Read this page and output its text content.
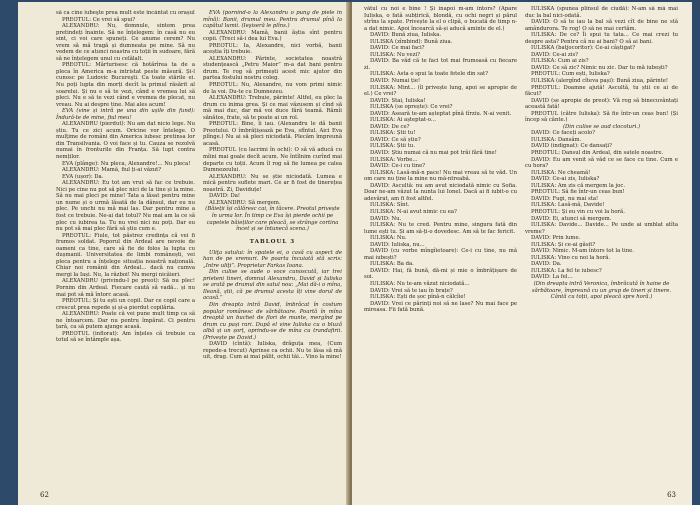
să ca cine iubeşte prea mult este încântat cu orașul

PREOTUL: Ce vrei să spui?

ALEXANDRU: Nu, domnule, sintem prea pretindeți înainte. Să ne înțelegem: în casă nu eu sint, ci voi care spuneți. Ce anume cerem? Nu vrem să mă tragă și dumneata pe mine. Să nu vedem de ce atunci noastra cu toții în sudoare, fără să ne înțelegem unul cu celălalt.

PREOTUL: Mărturisesc că hotărîrea ta de a pleca în America m-a intristat peste măsură. Și-l cunosc pe Ludovic Bucureşti. Ca toate stările ei. Nu poți lupta din morți decît la primul răsărit al soarelui. Și nu e să te vezi, când e vremea lui să pleci. Nu e să te vezi când e vremea de plecat, nu vreau. Nu ai despre tine. Mai ales acum!

EVA (vine și intră pe una din ușile din fund): Îndură-te de mine, fiul meu!

ALEXANDRU (pierdut): Nu am dat nicio lege. Nu știu. Tu ce zici acum. Oricine vor întelege. O mulțime de români din America iubesc pretinsa lor din Transilvania. O voi face și tu. Cauza se rezolvă numai în fronturile din Franța. Să lupt contra nemților.

EVA (plânge): Nu pleca, Alexandre!... Nu pleca!

ALEXANDRU: Mamă, fiul ți-ai văzut?

EVA (ușor): Da.

ALEXANDRU: Eu tot am vrut să fac ce trebuie. Nici pe cine nu pot să plec nici de la tine și la mine. Să nu mai pleci pe mine! Tata a lăsat pentru mine un nume și o urmă lăsată de la dânsul, dar eu nu plec. Pe unchi nu mă mai las. Dar pentru mine a fost ce trebuie. Ne-ai dat totul? Nu mai am la ce să plec cu iubirea ta. Tu nu vrei nici nu poți. Dar eu nu pot să mai plec fără să știu cum e.

PREOTUL: Fiule, tot păstrez credința că vei fi frumos soldat. Poporul din Ardeal are nevoie de oameni ca tine, care să fie de folos la lupta cu dușmanii. Universitatea de limbi românești, vei pleca pentru a înțelege situația noastră națională. Chiar noi românii din Ardeal... dacă nu cumva mergi la Iași. Nu, la război! Nu mergi nicăieri.

ALEXANDRU (privindu-l pe preot): Să nu plec! Pornim din Ardeal. Fiecare caută să vadă... și nu mai pot să mă întorc acasă.

PREOTUL: Și tu ești un copil. Dar ce copil care a crescut prea repede și și-a pierdut copilăria.

ALEXANDRU: Poate că vei pune mult timp ca să ne întoarcem. Dar nu pentru împărat. Ci pentru țară, ca să putem ajunge acasă.

PREOTUL (inflorat): Am înțeles că trebuie ca totul să se întâmple așa.

EVA (pornind-o la Alexandru o pung de piele în mînă): Banii, drumul meu. Pentru drumul pînă la capătul lumii. (Ieşiseră le plîns.)

ALEXANDRU: Mamă, banii ăștia sînt pentru copii. (Treci să-i dea lui Eva.)

PREOTUL: Ia, Alexandre, nici vorbă, banii aceștia îți trebuie.

ALEXANDRU: Părinte, societatea noastră studențească „Petru Maior” m-a dat bani pentru drum. Te rog să primești acest mic ajutor din partea fostului nostru coleg.

PREOTUL: Nu, Alexandre, nu vom primi nimic de la voi. Du-te cu Dumnezeu.

ALEXANDRU: Trebuie, părinte! Altfel, eu plec la drum cu inima grea. Și ce mai văzusem și cînd să mă mai duc, dar mă voi duce fără teamă. Rămîi sănătos, frate, să te poate ai un rol.

PREOTUL: Bine, îi iau. (Alexandru le dă banii Preotului. O îmbrățișează pe Eva, sfîntul. Aici Eva plînge.) Nu ai să pleci niciodată. Plecăm împreună acasă.

PREOTUL (cu lacrimi în ochi): O să vă aducă cu mîini mai goale decît acum. Ne întîlnim curînd mai departe cu toții. Acum îl rog să fie lumea pe calea Dumnezeului.

ALEXANDRU: Nu se știe niciodată. Lumea e mică pentru suflete mari. Ce ar fi fost de tinerețea noastră. Zi, Daviduțe!

DAVID: Da!

ALEXANDRU: Să mergem.

(Băieții își călăresc cai, în tăcere. Preotul privește în urma lor. În timp ce Eva își pierde ochii pe capetele băieților care pleacă, se strânge cortina încet și se întunecă scena.)

TABLOUL 3

Uliţa satului: în spatele ei, o casă cu aspect de han de pe vremuri. Pe poarta încuiată stă scris: „Intre uliţi”. Proprietar Farkas Ioana.

Din culise se aude o voce cunoscută, iar trei prieteni tineri, domnul Alexandru, David și Iuliska se arată pe drumul din satul nou: „Mai dă-i o mîna, Ileană, știi, că pe drumul acesta îți vine dorul de acasă.”

Din dreapta intră David, îmbrăcat în costum popular românesc de sărbătoare. Poartă în mîna dreaptă un buchet de flori de munte, mergînd pe drum cu pași rari. După el vine Iuliska cu o bluză albă și un șorț, oprindu-se de mîna cu trandafirii. (Privește pe David.)

DAVID (cîntă): Iuliska, drăguța mea, (Cum repede-a trecut) Aprinse ca ochii. Nu te lăsa să mă uit, drag. Cum ai mai pălit, ochii tăi… Vino la mine!

62

vătul cu noi e bine ! Și inapoi m-am întors? (Apare Iuliska, o fată subțirică, blondă, cu ochi negri și părul strîns la spate. Privește la el o clipă, o bucată de timp n-a dat nimic. Apoi încearcă să-și aducă aminte de el.)

DAVID: Bună ziua, Iuliska.

IULISKA (zîmbind): Bună ziua.

DAVID: Ce mai faci?

IULISKA: Nu vezi?

DAVID: Ba văd că te faci tot mai frumoasă cu fiecare zi.

IULISKA: Asta o spui la toate fetele din sat?

DAVID: Numai ție!

IULISKA: Mint... (îl privește lung, apoi se apropie de el.) Ce vrei?

DAVID: Stai, Iuliska!

IULISKA (se oprește): Ce vrei?

DAVID: Aseară te-am așteptat pînă tîrziu. N-ai venit.

IULISKA: Ai așteptat-o...

DAVID: De ce?

IULISKA: Știi tu!

DAVID: Ce să știu?

IULISKA: Știi tu.

DAVID: Știu numai că nu mai pot trăi fără tine!

IULISKA: Vorbe...

DAVID: Ce-i cu tine?

IULISKA: Lasă-mă-n pace! Nu mai vreau să te văd. Un om care nu ține la mine nu mă-ntreabă.

DAVID: Ascultă: nu am avut niciodată nimic cu Sofia. Doar ne-am văzut la nunta lui Ionel. Dacă ai fi iubit-o cu adevărat, am fi fost altfel.

IULISKA: Sînt.

IULISKA: N-ai avut nimic cu ea?

DAVID: Nu.

IULISKA: Nu te cred. Pentru mine, singura fată din lume ești tu. Și am să-ți-o dovedesc. Am să te fac fericit.

IULISKA: Nu.

DAVID: Iuliska, nu...

DAVID (cu vorbe mîngîietoare): Ce-i cu tine, nu mă mai iubești?

IULISKA: Ba da.

DAVID: Hai, fă bună, dă-mi și mie o îmbrățișare de soi.

IULISKA: Nu te-am văzut niciodată...

DAVID: Vrei să te iau în brațe?

IULISKA: Ești de șoc pînă-n călcîie!

DAVID: Vrei ce părinți noi să ne lase? Nu mai face pe mireasa. Fii fată bună.

IULISKA (spunea plînsul de ciudă): N-am să mă mai duc la bal nici-odată.

DAVID: O să te iau la bal să vezi cît de bine ne stă amândurora. Te rog! O să ne mai certăm.

IULISKA: De ce? Îi spui tu tata... Ce mai crezi tu despre asta? Pentru că nu ai bani? O să ai bani.

IULISKA (batjocoritor): Ce-ai câștigat?

DAVID: Ce-ai zis?

IULISKA: Cum ai zis?

DAVID: Ce să zic? Nimic nu zic. Dar tu mă iubești?

PREOTUL: Cum ești, Iuliska?

IULISKA (alergînd cîteva pași): Bună ziua, părinte!

PREOTUL: Doamne ajută! Ascultă, tu știi ce ai de făcut?

DAVID (se apropie de preot): Vă rog să binecuvântați această fată!

PREOTUL (către Iuliska): Să fie într-un ceas bun! (Și încep să cânte.)

(Din culise se aud clocoturi.)

DAVID: Ce faceți acolo?

IULISKA: Dansăm.

DAVID (indignat): Ce dansați?

PREOTUL: Dansul din Ardeal, din satele noastre.

DAVID: Eu am venit să văd ce se face cu tine. Cum e cu hora?

IULISKA: Ne cheamă!

DAVID: Ce-ai zis, Iuliska?

IULISKA: Am zis că mergem la joc.

PREOTUL: Să fie într-un ceas bun!

DAVID: Fugi, nu mai sta!

IULISKA: Lasă-mă, Davide!

PREOTUL: Și eu vin cu voi la horă.

DAVID: Ei, atunci să mergem.

IULISKA: Davide... Davide... Pe unde ai umblat atîta vreme?

DAVID: Prin lume.

IULISKA: Și ce-ai găsit?

DAVID: Nimic. M-am întors tot la tine.

IULISKA: Vino cu noi la horă.

DAVID: Da.

IULISKA: La fel te iubesc?

DAVID: La fel...

(Din dreapta intră Veronica, îmbrăcată în haine de sărbătoare, împreună cu un grup de tineri și tinere. Cântă cu toții, apoi pleacă spre horă.)

63
